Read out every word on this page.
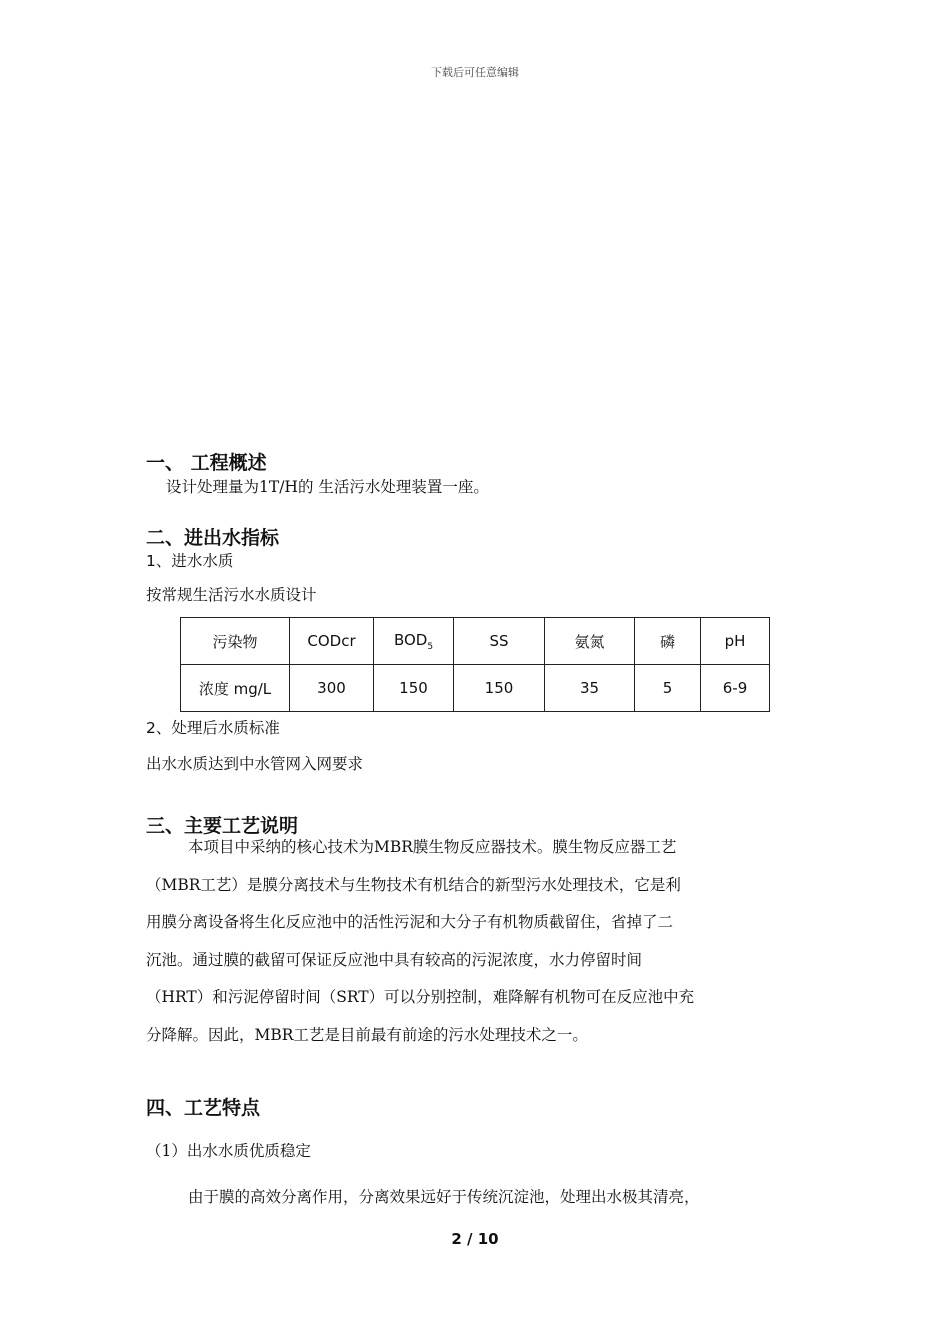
下载后可任意编辑
一、 工程概述
设计处理量为1T/H的 生活污水处理装置一座。
二、进出水指标
1、进水水质
按常规生活污水水质设计
污染物	CODcr	$BOD_5$	SS	氨氮	磷	pH
浓度 mg/L	300	150	150	35	5	6-9
2、处理后水质标准
出水水质达到中水管网入网要求
三、主要工艺说明
本项目中采纳的核心技术为MBR膜生物反应器技术。膜生物反应器工艺
（MBR工艺）是膜分离技术与生物技术有机结合的新型污水处理技术，它是利
用膜分离设备将生化反应池中的活性污泥和大分子有机物质截留住，省掉了二
沉池。通过膜的截留可保证反应池中具有较高的污泥浓度，水力停留时间
（HRT）和污泥停留时间（SRT）可以分别控制，难降解有机物可在反应池中充
分降解。因此，MBR工艺是目前最有前途的污水处理技术之一。
四、工艺特点
（1）出水水质优质稳定
由于膜的高效分离作用，分离效果远好于传统沉淀池，处理出水极其清亮，
2 / 10
